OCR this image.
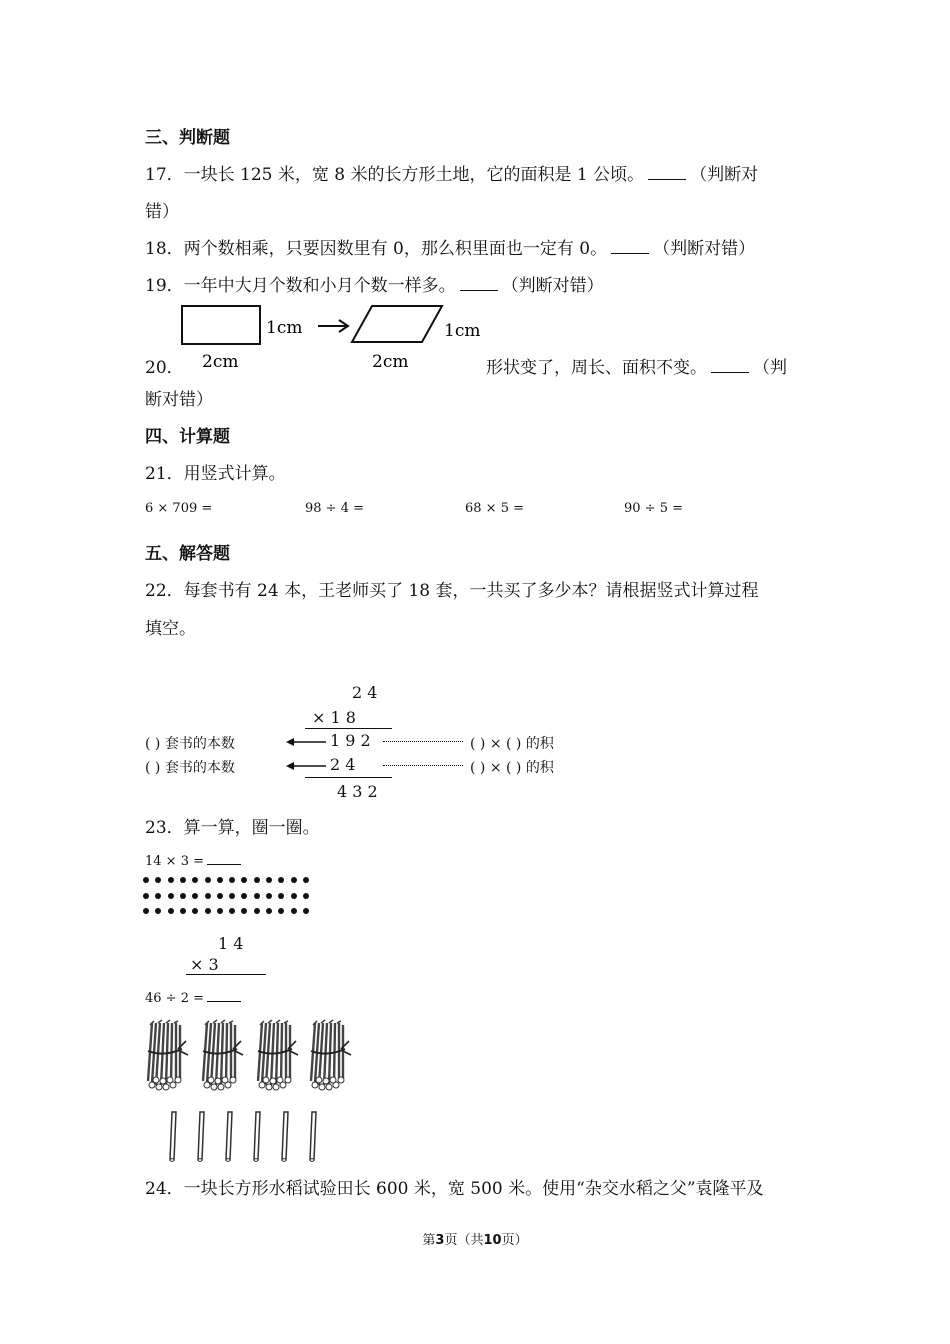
三、判断题
17．一块长 125 米，宽 8 米的长方形土地，它的面积是 1 公顷。	（判断对
错）
18．两个数相乘，只要因数里有 0，那么积里面也一定有 0。	（判断对错）
19．一年中大月个数和小月个数一样多。	（判断对错）
1cm
2cm
1cm
2cm
20．	形状变了，周长、面积不变。	（判
断对错）
四、计算题
21．用竖式计算。
6 × 709 =	98 ÷ 4 =	68 × 5 =	90 ÷ 5 =
五、解答题
22．每套书有 24 本，王老师买了 18 套，一共买了多少本？请根据竖式计算过程
填空。
2 4
× 1 8
( ) 套书的本数	1 9 2	( ) × ( ) 的积
( ) 套书的本数	2 4	( ) × ( ) 的积
4 3 2
23．算一算，圈一圈。
14 × 3 =
1 4
× 3
46 ÷ 2 =
24．一块长方形水稻试验田长 600 米，宽 500 米。使用“杂交水稻之父”袁隆平及
第3页（共10页）
